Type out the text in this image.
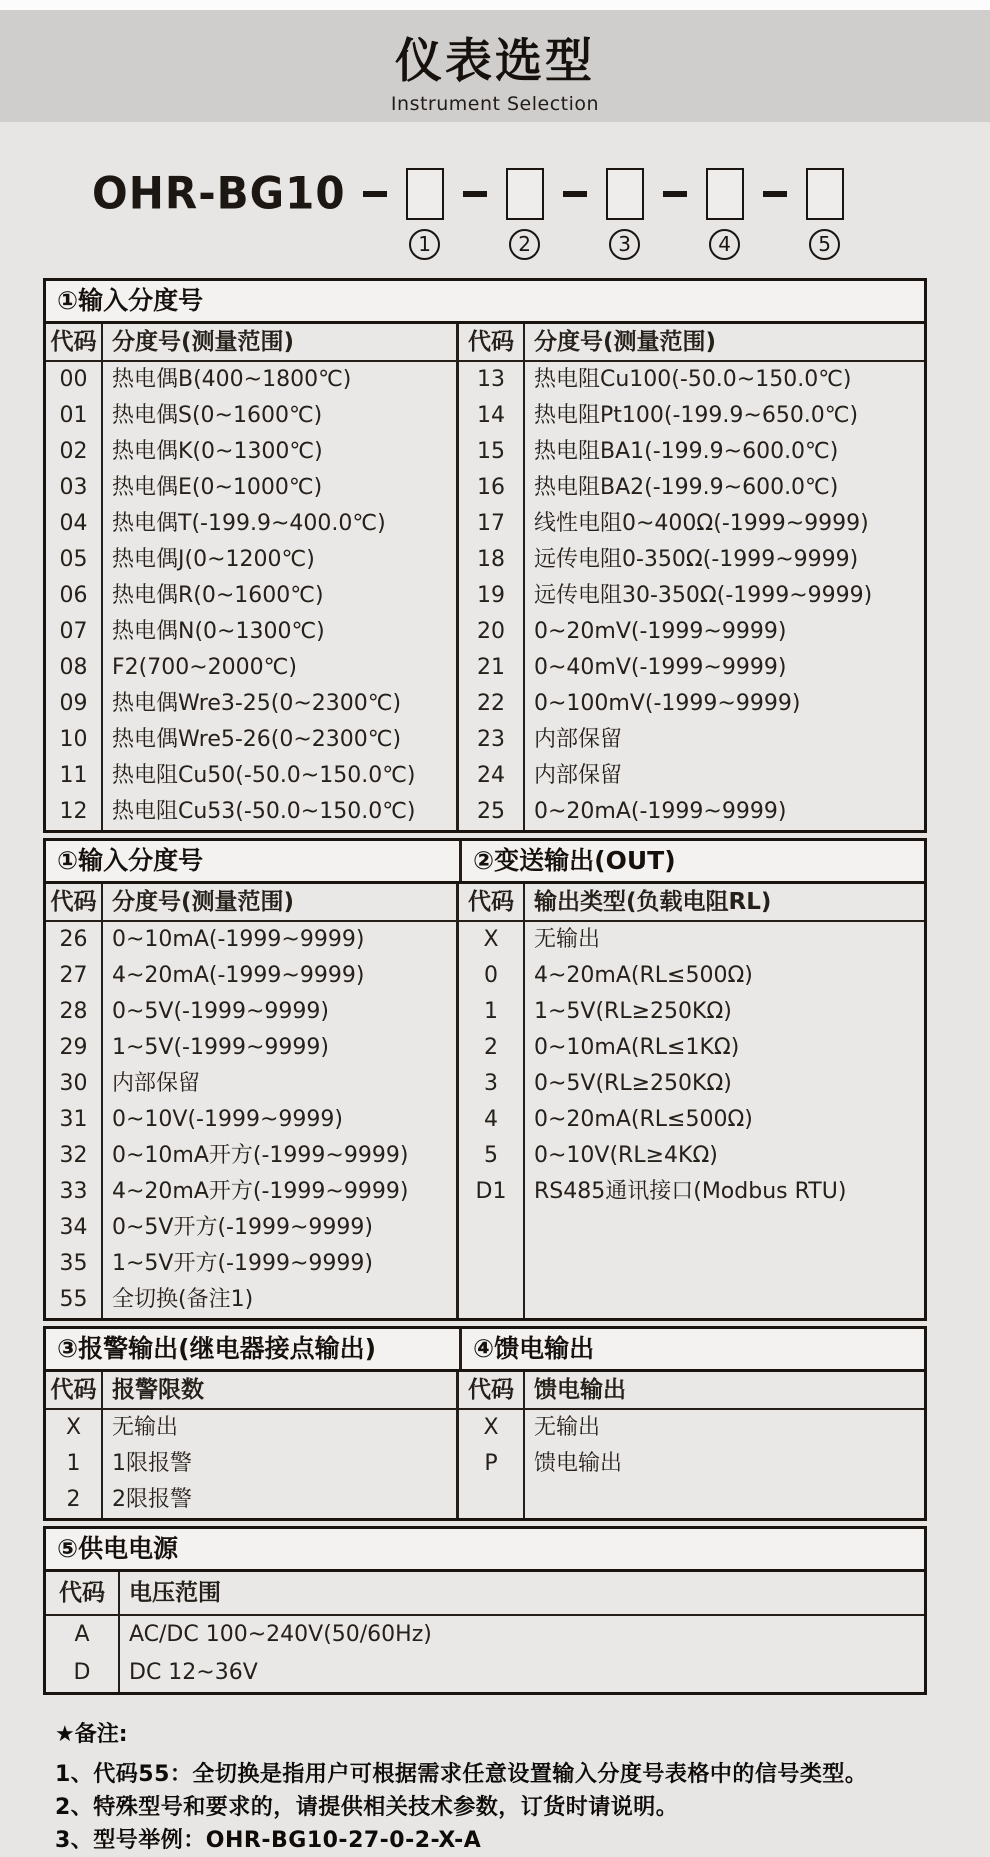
仪表选型
Instrument Selection
OHR-BG10
1	2	3	4	5
①输入分度号
代码 分度号(测量范围)
00	热电偶B(400~1800℃)
01	热电偶S(0~1600℃)
02	热电偶K(0~1300℃)
03	热电偶E(0~1000℃)
04	热电偶T(-199.9~400.0℃)
05	热电偶J(0~1200℃)
06	热电偶R(0~1600℃)
07	热电偶N(0~1300℃)
08	F2(700~2000℃)
09	热电偶Wre3-25(0~2300℃)
10	热电偶Wre5-26(0~2300℃)
11	热电阻Cu50(-50.0~150.0℃)
12	热电阻Cu53(-50.0~150.0℃)
代码 分度号(测量范围)
13	热电阻Cu100(-50.0~150.0℃)
14	热电阻Pt100(-199.9~650.0℃)
15	热电阻BA1(-199.9~600.0℃)
16	热电阻BA2(-199.9~600.0℃)
17	线性电阻0~400Ω(-1999~9999)
18	远传电阻0-350Ω(-1999~9999)
19	远传电阻30-350Ω(-1999~9999)
20	0~20mV(-1999~9999)
21	0~40mV(-1999~9999)
22	0~100mV(-1999~9999)
23	内部保留
24	内部保留
25	0~20mA(-1999~9999)
①输入分度号	②变送输出(OUT)
代码 分度号(测量范围)
26	0~10mA(-1999~9999)
27	4~20mA(-1999~9999)
28	0~5V(-1999~9999)
29	1~5V(-1999~9999)
30	内部保留
31	0~10V(-1999~9999)
32	0~10mA开方(-1999~9999)
33	4~20mA开方(-1999~9999)
34	0~5V开方(-1999~9999)
35	1~5V开方(-1999~9999)
55	全切换(备注1)
代码 输出类型(负载电阻RL)
X	无输出
0	4~20mA(RL≤500Ω)
1	1~5V(RL≥250KΩ)
2	0~10mA(RL≤1KΩ)
3	0~5V(RL≥250KΩ)
4	0~20mA(RL≤500Ω)
5	0~10V(RL≥4KΩ)
D1	RS485通讯接口(Modbus RTU)
③报警输出(继电器接点输出)	④馈电输出
代码 报警限数
X	无输出
1	1限报警
2	2限报警
代码 馈电输出
X	无输出
P	馈电输出
⑤供电电源
代码	电压范围
A	AC/DC 100~240V(50/60Hz)
D	DC 12~36V
★备注:
1、代码55：全切换是指用户可根据需求任意设置输入分度号表格中的信号类型。
2、特殊型号和要求的，请提供相关技术参数，订货时请说明。
3、型号举例：OHR-BG10-27-0-2-X-A
